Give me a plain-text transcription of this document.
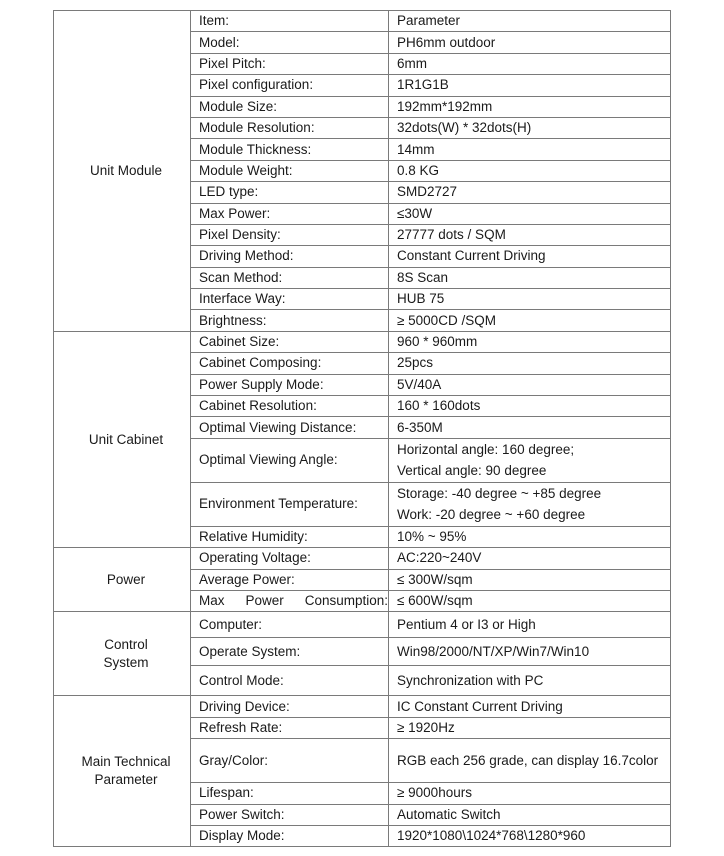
Unit Module	Item:	Parameter
	Model:	PH6mm outdoor
	Pixel Pitch:	6mm
	Pixel configuration:	1R1G1B
	Module Size:	192mm*192mm
	Module Resolution:	32dots(W) * 32dots(H)
	Module Thickness:	14mm
	Module Weight:	0.8 KG
	LED type:	SMD2727
	Max Power:	≤30W
	Pixel Density:	27777 dots / SQM
	Driving Method:	Constant Current Driving
	Scan Method:	8S Scan
	Interface Way:	HUB 75
	Brightness:	≥ 5000CD /SQM

Unit Cabinet	Cabinet Size:	960 * 960mm
	Cabinet Composing:	25pcs
	Power Supply Mode:	5V/40A
	Cabinet Resolution:	160 * 160dots
	Optimal Viewing Distance:	6-350M
	Optimal Viewing Angle:	Horizontal angle: 160 degree;
Vertical angle: 90 degree

	Environment Temperature:	Storage: -40 degree ~ +85 degree
Work: -20 degree ~ +60 degree

	Relative Humidity:	10% ~ 95%

Power	Operating Voltage:	AC:220~240V
	Average Power:	≤ 300W/sqm
	Max Power Consumption:	≤ 600W/sqm

Control
System	Computer:	Pentium 4 or I3 or High
	Operate System:	Win98/2000/NT/XP/Win7/Win10
	Control Mode:	Synchronization with PC

Main Technical
Parameter	Driving Device:	IC Constant Current Driving
	Refresh Rate:	≥ 1920Hz
	Gray/Color:	RGB each 256 grade, can display 16.7color
	Lifespan:	≥ 9000hours
	Power Switch:	Automatic Switch
	Display Mode:	1920*1080\1024*768\1280*960
